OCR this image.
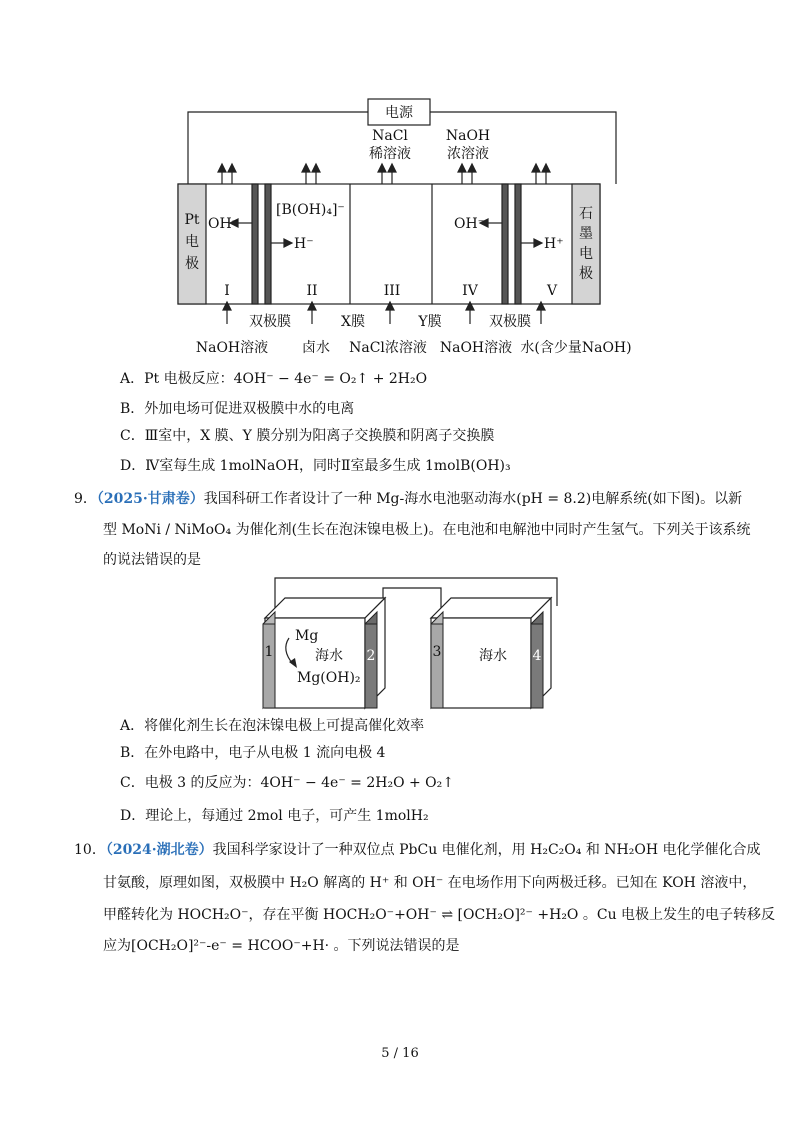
电源
NaCl
稀溶液
NaOH
浓溶液
Pt
电
极
石
墨
电
极
OH⁻
[B(OH)₄]⁻
H⁻
OH⁻
H⁺
I	II	III	IV	V
双极膜	X膜	Y膜	双极膜
NaOH溶液 卤水 NaCl浓溶液 NaOH溶液 水(含少量NaOH)
A．Pt 电极反应：4OH⁻ − 4e⁻ = O₂↑ + 2H₂O
B．外加电场可促进双极膜中水的电离
C．Ⅲ室中，X 膜、Y 膜分别为阳离子交换膜和阴离子交换膜
D．Ⅳ室每生成 1molNaOH，同时Ⅱ室最多生成 1molB(OH)₃
9．（2025·甘肃卷）我国科研工作者设计了一种 Mg-海水电池驱动海水(pH = 8.2)电解系统(如下图)。以新
型 MoNi / NiMoO₄ 为催化剂(生长在泡沫镍电极上)。在电池和电解池中同时产生氢气。下列关于该系统
的说法错误的是
Mg
海水
Mg(OH)₂
海水
1	2	3	4
A．将催化剂生长在泡沫镍电极上可提高催化效率
B．在外电路中，电子从电极 1 流向电极 4
C．电极 3 的反应为：4OH⁻ − 4e⁻ = 2H₂O + O₂↑
D．理论上，每通过 2mol 电子，可产生 1molH₂
10．（2024·湖北卷）我国科学家设计了一种双位点 PbCu 电催化剂，用 H₂C₂O₄ 和 NH₂OH 电化学催化合成
甘氨酸，原理如图，双极膜中 H₂O 解离的 H⁺ 和 OH⁻ 在电场作用下向两极迁移。已知在 KOH 溶液中，
甲醛转化为 HOCH₂O⁻，存在平衡 HOCH₂O⁻+OH⁻ ⇌ [OCH₂O]²⁻ +H₂O 。Cu 电极上发生的电子转移反
应为[OCH₂O]²⁻-e⁻ = HCOO⁻+H· 。下列说法错误的是
5 / 16
